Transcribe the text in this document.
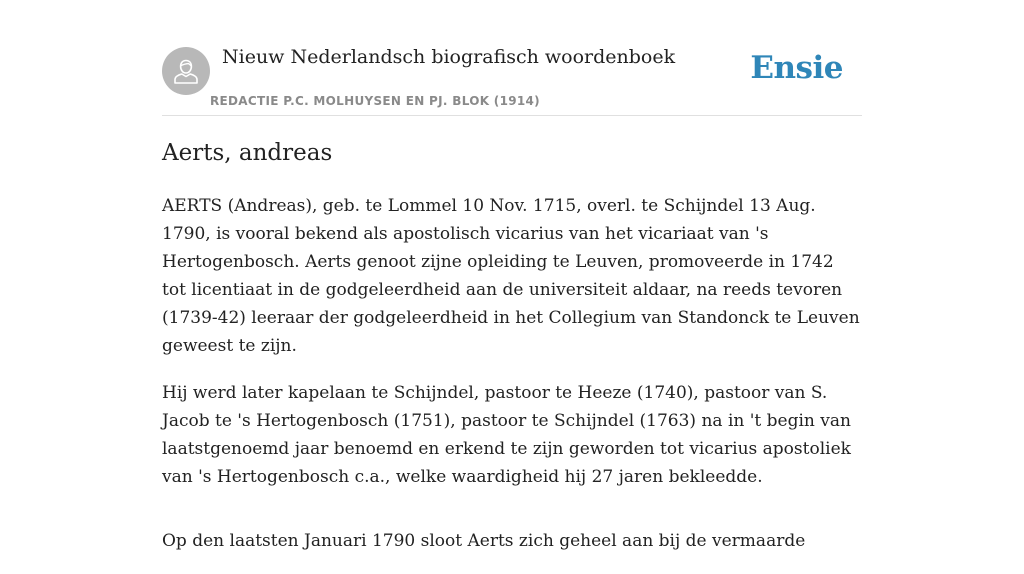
Nieuw Nederlandsch biografisch woordenboek
REDACTIE P.C. MOLHUYSEN EN PJ. BLOK (1914)
Ensie
Aerts, andreas

AERTS (Andreas), geb. te Lommel 10 Nov. 1715, overl. te Schijndel 13 Aug. 1790, is vooral bekend als apostolisch vicarius van het vicariaat van 's Hertogenbosch. Aerts genoot zijne opleiding te Leuven, promoveerde in 1742 tot licentiaat in de godgeleerdheid aan de universiteit aldaar, na reeds tevoren (1739-42) leeraar der godgeleerdheid in het Collegium van Standonck te Leuven geweest te zijn.

Hij werd later kapelaan te Schijndel, pastoor te Heeze (1740), pastoor van S. Jacob te 's Hertogenbosch (1751), pastoor te Schijndel (1763) na in 't begin van laatstgenoemd jaar benoemd en erkend te zijn geworden tot vicarius apostoliek van 's Hertogenbosch c.a., welke waardigheid hij 27 jaren bekleedde.

Op den laatsten Januari 1790 sloot Aerts zich geheel aan bij de vermaarde
